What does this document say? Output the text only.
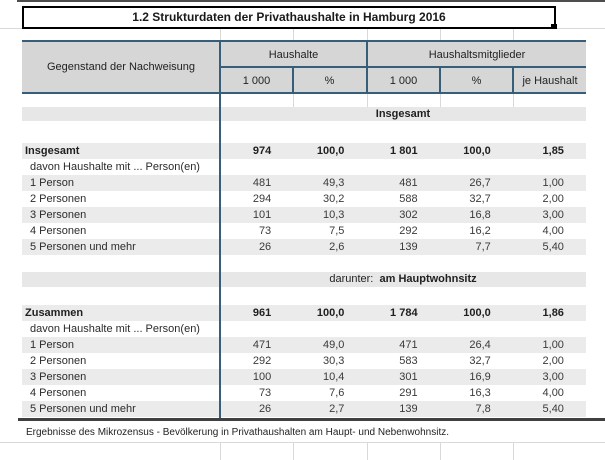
1.2 Strukturdaten der Privathaushalte in Hamburg 2016
Gegenstand der Nachweisung
Haushalte	Haushaltsmitglieder
1 000	%	1 000	%	je Haushalt
Insgesamt
Insgesamt	974	100,0	1 801	100,0	1,85
davon Haushalte mit ... Person(en)
1 Person	481	49,3	481	26,7	1,00
2 Personen	294	30,2	588	32,7	2,00
3 Personen	101	10,3	302	16,8	3,00
4 Personen	73	7,5	292	16,2	4,00
5 Personen und mehr	26	2,6	139	7,7	5,40
darunter: am Hauptwohnsitz
Zusammen	961	100,0	1 784	100,0	1,86
davon Haushalte mit ... Person(en)
1 Person	471	49,0	471	26,4	1,00
2 Personen	292	30,3	583	32,7	2,00
3 Personen	100	10,4	301	16,9	3,00
4 Personen	73	7,6	291	16,3	4,00
5 Personen und mehr	26	2,7	139	7,8	5,40
Ergebnisse des Mikrozensus - Bevölkerung in Privathaushalten am Haupt- und Nebenwohnsitz.
